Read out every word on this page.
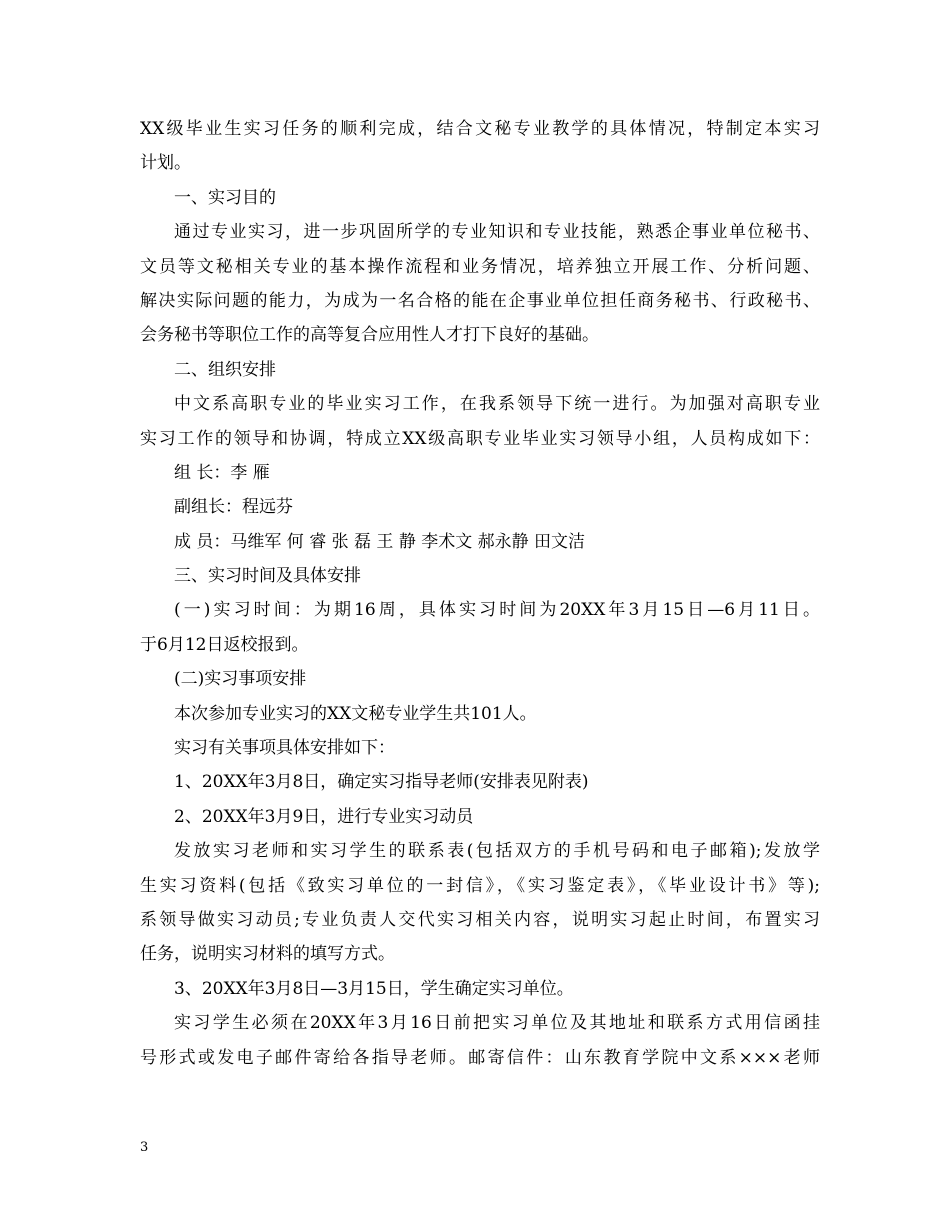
XX级毕业生实习任务的顺利完成，结合文秘专业教学的具体情况，特制定本实习
计划。
一、实习目的
通过专业实习，进一步巩固所学的专业知识和专业技能，熟悉企事业单位秘书、
文员等文秘相关专业的基本操作流程和业务情况，培养独立开展工作、分析问题、
解决实际问题的能力，为成为一名合格的能在企事业单位担任商务秘书、行政秘书、
会务秘书等职位工作的高等复合应用性人才打下良好的基础。
二、组织安排
中文系高职专业的毕业实习工作，在我系领导下统一进行。为加强对高职专业
实习工作的领导和协调，特成立XX级高职专业毕业实习领导小组，人员构成如下：
组 长：李 雁
副组长：程远芬
成 员：马维军 何 睿 张 磊 王 静 李术文 郝永静 田文洁
三、实习时间及具体安排
(一)实习时间：为期16周，具体实习时间为20XX年3月15日—6月11日。
于6月12日返校报到。
(二)实习事项安排
本次参加专业实习的XX文秘专业学生共101人。
实习有关事项具体安排如下：
1、20XX年3月8日，确定实习指导老师(安排表见附表)
2、20XX年3月9日，进行专业实习动员
发放实习老师和实习学生的联系表(包括双方的手机号码和电子邮箱);发放学
生实习资料(包括《致实习单位的一封信》，《实习鉴定表》，《毕业设计书》等);
系领导做实习动员;专业负责人交代实习相关内容，说明实习起止时间，布置实习
任务，说明实习材料的填写方式。
3、20XX年3月8日—3月15日，学生确定实习单位。
实习学生必须在20XX年3月16日前把实习单位及其地址和联系方式用信函挂
号形式或发电子邮件寄给各指导老师。邮寄信件：山东教育学院中文系×××老师
3
